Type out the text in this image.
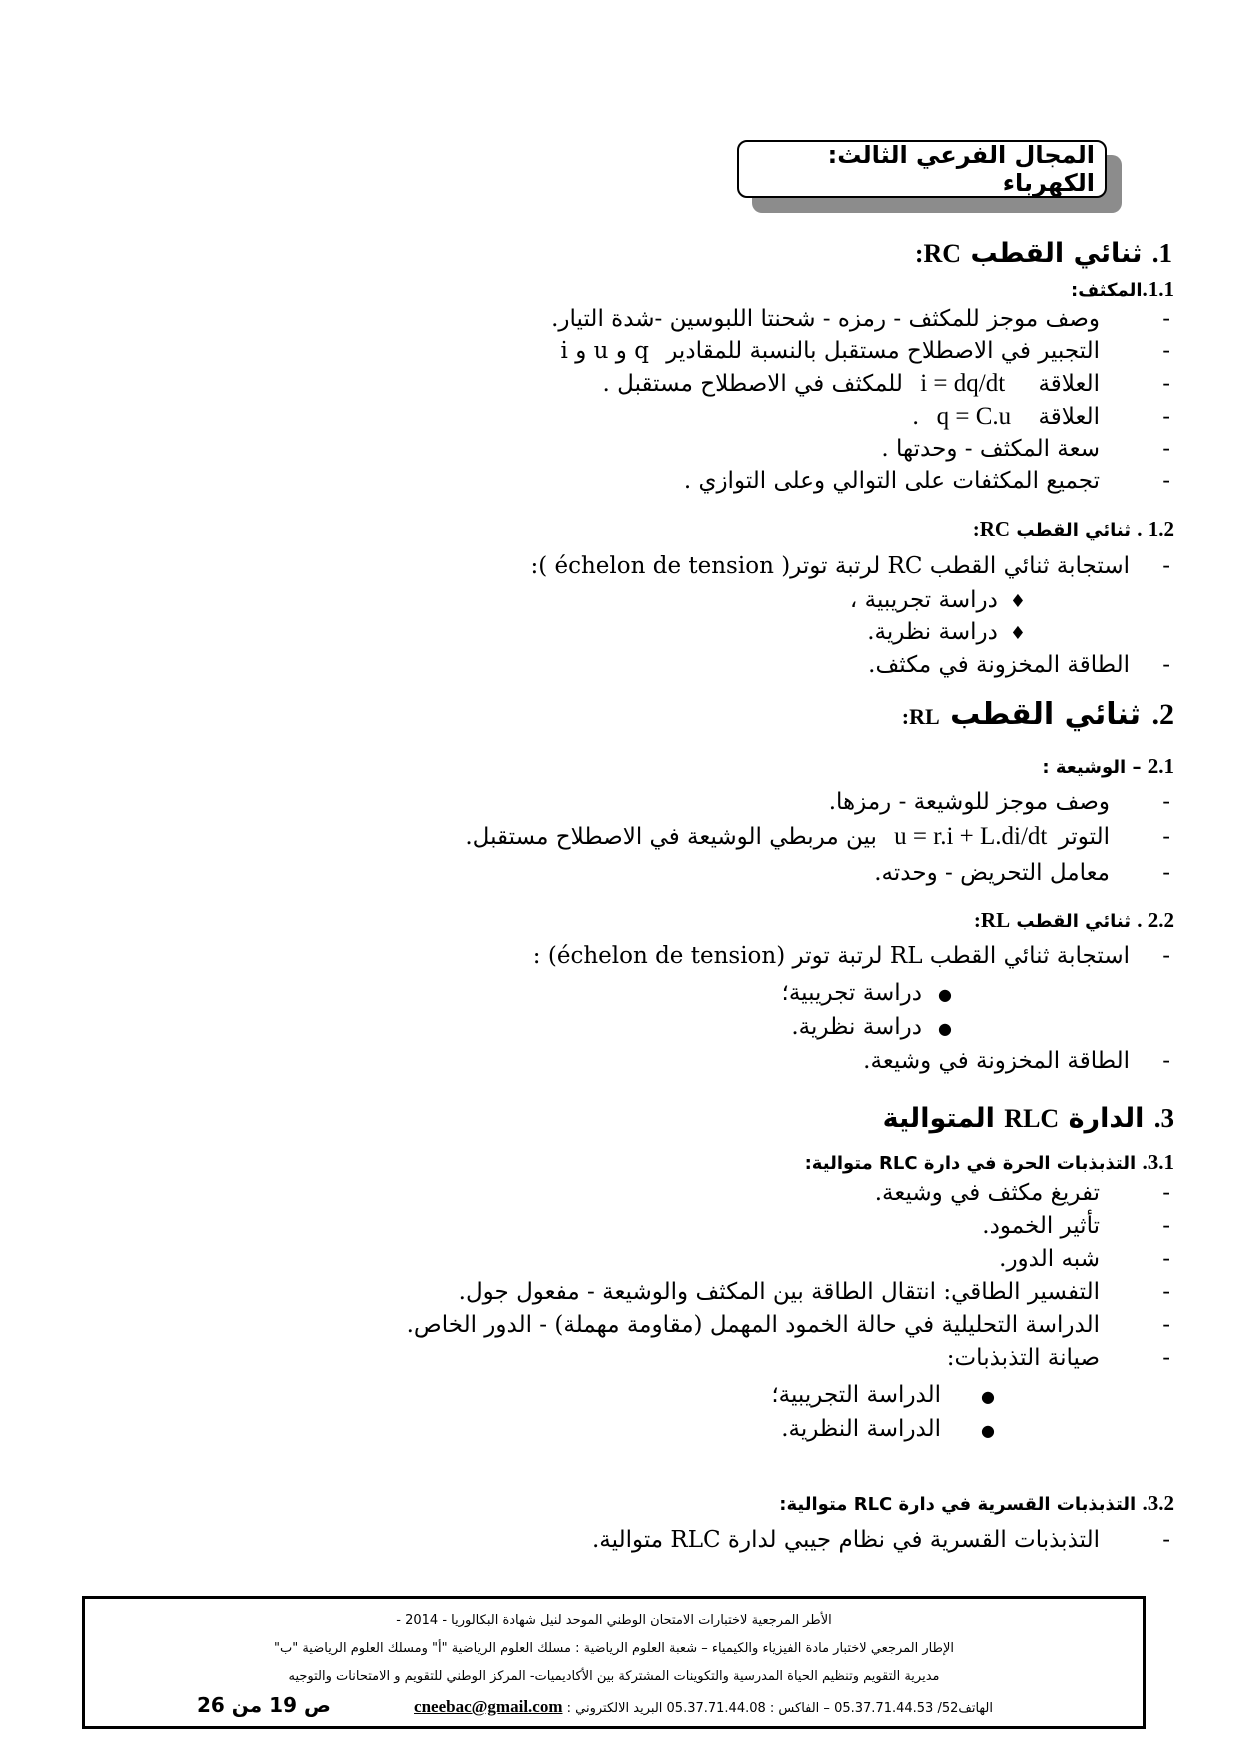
المجال الفرعي الثالث: الكهرباء
1. ثنائي القطب RC:
1.1.المكثف:
-وصف موجز للمكثف - رمزه - شحنتا اللبوسين -شدة التيار.
-التجبير في الاصطلاح مستقبل بالنسبة للمقادير q و u و i
-العلاقة i = dq/dt للمكثف في الاصطلاح مستقبل .
-العلاقة q = C.u .
-سعة المكثف - وحدتها .
-تجميع المكثفات على التوالي وعلى التوازي .
1.2 . ثنائي القطب RC:
-استجابة ثنائي القطب RC لرتبة توتر( échelon de tension ):
♦دراسة تجريبية ،
♦دراسة نظرية.
-الطاقة المخزونة في مكثف.
2. ثنائي القطب RL:
2.1 – الوشيعة :
-وصف موجز للوشيعة - رمزها.
-التوتر u = r.i + L.di/dt بين مربطي الوشيعة في الاصطلاح مستقبل.
-معامل التحريض - وحدته.
2.2 . ثنائي القطب RL:
-استجابة ثنائي القطب RL لرتبة توتر (échelon de tension) :
●دراسة تجريبية؛
●دراسة نظرية.
-الطاقة المخزونة في وشيعة.
3. الدارة RLC المتوالية
3.1. التذبذبات الحرة في دارة RLC متوالية:
-تفريغ مكثف في وشيعة.
-تأثير الخمود.
-شبه الدور.
-التفسير الطاقي: انتقال الطاقة بين المكثف والوشيعة - مفعول جول.
-الدراسة التحليلية في حالة الخمود المهمل (مقاومة مهملة) - الدور الخاص.
-صيانة التذبذبات:
●الدراسة التجريبية؛
●الدراسة النظرية.
3.2. التذبذبات القسرية في دارة RLC متوالية:
-التذبذبات القسرية في نظام جيبي لدارة RLC متوالية.
الأطر المرجعية لاختبارات الامتحان الوطني الموحد لنيل شهادة البكالوريا - 2014 -
الإطار المرجعي لاختبار مادة الفيزياء والكيمياء – شعبة العلوم الرياضية : مسلك العلوم الرياضية "أ" ومسلك العلوم الرياضية "ب"
مديرية التقويم وتنظيم الحياة المدرسية والتكوينات المشتركة بين الأكاديميات- المركز الوطني للتقويم و الامتحانات والتوجيه
الهاتف52/ 05.37.71.44.53 – الفاكس : 05.37.71.44.08 البريد الالكتروني : cneebac@gmail.com
ص 19 من 26
